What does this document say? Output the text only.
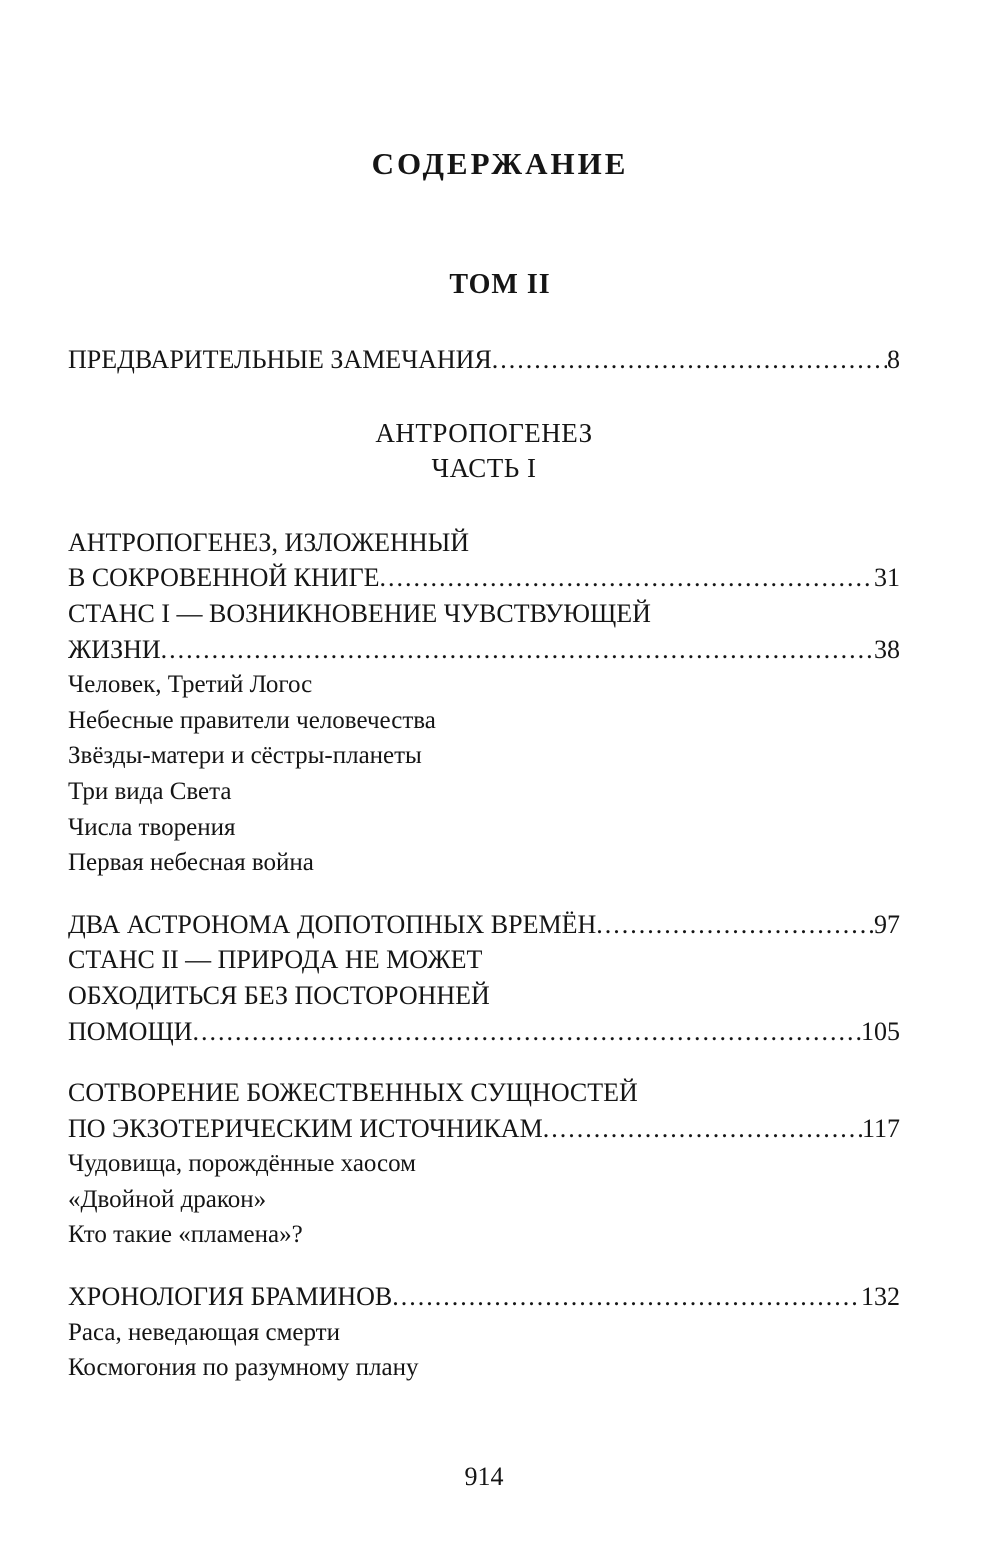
СОДЕРЖАНИЕ
ТОМ II
ПРЕДВАРИТЕЛЬНЫЕ ЗАМЕЧАНИЯ .....	8
АНТРОПОГЕНЕЗ
ЧАСТЬ I
АНТРОПОГЕНЕЗ, ИЗЛОЖЕННЫЙ
В СОКРОВЕННОЙ КНИГЕ .....	31
СТАНС I — ВОЗНИКНОВЕНИЕ ЧУВСТВУЮЩЕЙ
ЖИЗНИ .....	38
Человек, Третий Логос
Небесные правители человечества
Звёзды-матери и сёстры-планеты
Три вида Света
Числа творения
Первая небесная война
ДВА АСТРОНОМА ДОПОТОПНЫХ ВРЕМЁН .....	97
СТАНС II — ПРИРОДА НЕ МОЖЕТ
ОБХОДИТЬСЯ БЕЗ ПОСТОРОННЕЙ
ПОМОЩИ .....	105
СОТВОРЕНИЕ БОЖЕСТВЕННЫХ СУЩНОСТЕЙ
ПО ЭКЗОТЕРИЧЕСКИМ ИСТОЧНИКАМ .....	117
Чудовища, порождённые хаосом
«Двойной дракон»
Кто такие «пламена»?
ХРОНОЛОГИЯ БРАМИНОВ .....	132
Раса, неведающая смерти
Космогония по разумному плану
914
